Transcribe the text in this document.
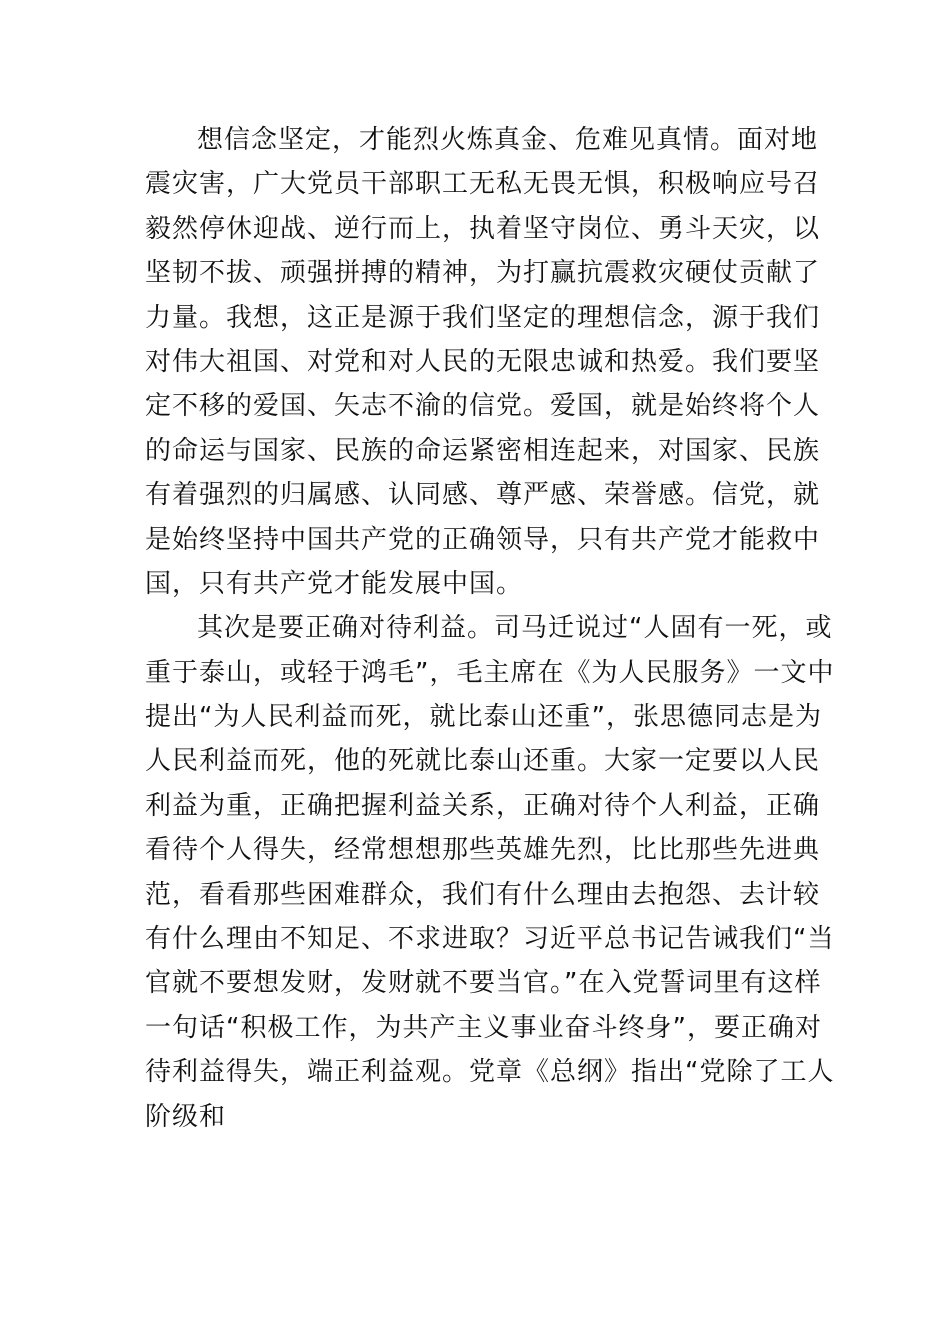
想信念坚定，才能烈火炼真金、危难见真情。面对地
震灾害，广大党员干部职工无私无畏无惧，积极响应号召
毅然停休迎战、逆行而上，执着坚守岗位、勇斗天灾，以
坚韧不拔、顽强拼搏的精神，为打赢抗震救灾硬仗贡献了
力量。我想，这正是源于我们坚定的理想信念，源于我们
对伟大祖国、对党和对人民的无限忠诚和热爱。我们要坚
定不移的爱国、矢志不渝的信党。爱国，就是始终将个人
的命运与国家、民族的命运紧密相连起来，对国家、民族
有着强烈的归属感、认同感、尊严感、荣誉感。信党，就
是始终坚持中国共产党的正确领导，只有共产党才能救中
国，只有共产党才能发展中国。
其次是要正确对待利益。司马迁说过“人固有一死，或
重于泰山，或轻于鸿毛”，毛主席在《为人民服务》一文中
提出“为人民利益而死，就比泰山还重”，张思德同志是为
人民利益而死，他的死就比泰山还重。大家一定要以人民
利益为重，正确把握利益关系，正确对待个人利益，正确
看待个人得失，经常想想那些英雄先烈，比比那些先进典
范，看看那些困难群众，我们有什么理由去抱怨、去计较
有什么理由不知足、不求进取？习近平总书记告诫我们“当
官就不要想发财，发财就不要当官。”在入党誓词里有这样
一句话“积极工作，为共产主义事业奋斗终身”，要正确对
待利益得失，端正利益观。党章《总纲》指出“党除了工人
阶级和
